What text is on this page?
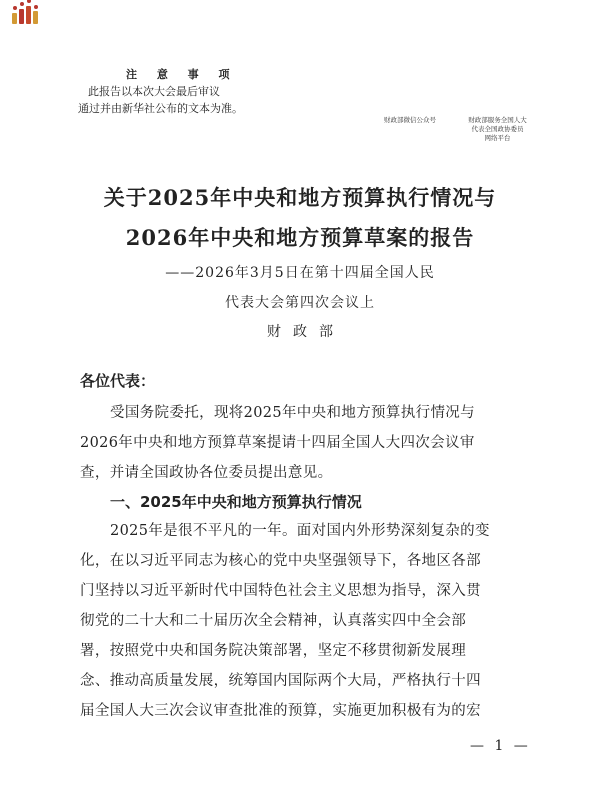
注 意 事 项
此报告以本次大会最后审议
通过并由新华社公布的文本为准。
财政部微信公众号	财政部服务全国人大
代表全国政协委员
网络平台
关于2025年中央和地方预算执行情况与
2026年中央和地方预算草案的报告
——2026年3月5日在第十四届全国人民
代表大会第四次会议上
财政部
各位代表：
受国务院委托，现将2025年中央和地方预算执行情况与
2026年中央和地方预算草案提请十四届全国人大四次会议审
查，并请全国政协各位委员提出意见。
一、2025年中央和地方预算执行情况
2025年是很不平凡的一年。面对国内外形势深刻复杂的变
化，在以习近平同志为核心的党中央坚强领导下，各地区各部
门坚持以习近平新时代中国特色社会主义思想为指导，深入贯
彻党的二十大和二十届历次全会精神，认真落实四中全会部
署，按照党中央和国务院决策部署，坚定不移贯彻新发展理
念、推动高质量发展，统筹国内国际两个大局，严格执行十四
届全国人大三次会议审查批准的预算，实施更加积极有为的宏
— 1 —
